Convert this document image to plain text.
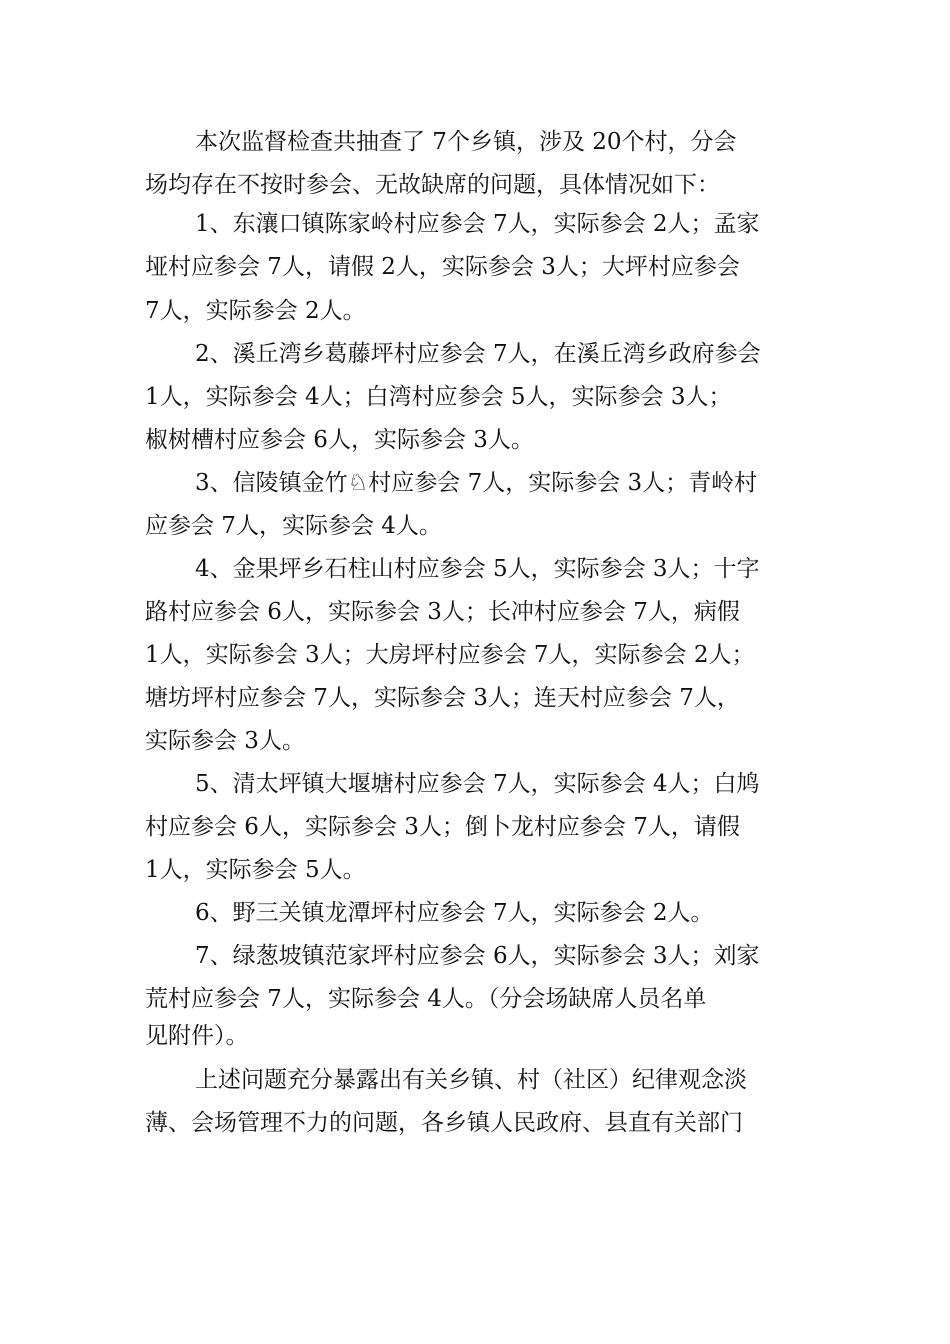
本次监督检查共抽查了 7个乡镇，涉及 20个村，分会
场均存在不按时参会、无故缺席的问题，具体情况如下：
1、东瀼口镇陈家岭村应参会 7人，实际参会 2人；孟家
垭村应参会 7人，请假 2人，实际参会 3人；大坪村应参会
7人，实际参会 2人。
2、溪丘湾乡葛藤坪村应参会 7人，在溪丘湾乡政府参会
1人，实际参会 4人；白湾村应参会 5人，实际参会 3人；
椒树槽村应参会 6人，实际参会 3人。
3、信陵镇金竹♘村应参会 7人，实际参会 3人；青岭村
应参会 7人，实际参会 4人。
4、金果坪乡石柱山村应参会 5人，实际参会 3人；十字
路村应参会 6人，实际参会 3人；长冲村应参会 7人，病假
1人，实际参会 3人；大房坪村应参会 7人，实际参会 2人；
塘坊坪村应参会 7人，实际参会 3人；连天村应参会 7人，
实际参会 3人。
5、清太坪镇大堰塘村应参会 7人，实际参会 4人；白鸠
村应参会 6人，实际参会 3人；倒卜龙村应参会 7人，请假
1人，实际参会 5人。
6、野三关镇龙潭坪村应参会 7人，实际参会 2人。
7、绿葱坡镇范家坪村应参会 6人，实际参会 3人；刘家
荒村应参会 7人，实际参会 4人。（分会场缺席人员名单
见附件）。
上述问题充分暴露出有关乡镇、村（社区）纪律观念淡
薄、会场管理不力的问题，各乡镇人民政府、县直有关部门
